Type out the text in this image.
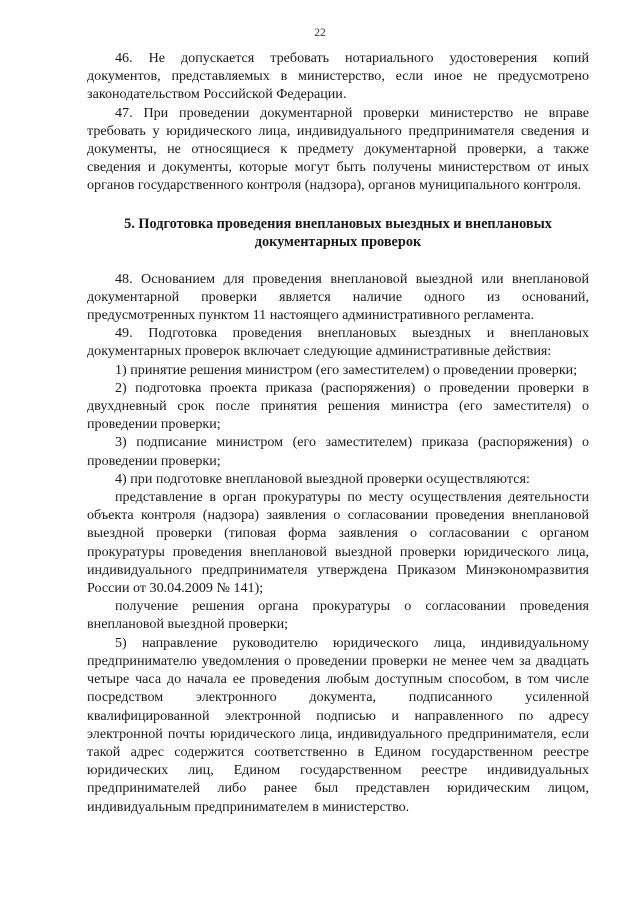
22

46. Не допускается требовать нотариального удостоверения копий документов, представляемых в министерство, если иное не предусмотрено законодательством Российской Федерации.

47. При проведении документарной проверки министерство не вправе требовать у юридического лица, индивидуального предпринимателя сведения и документы, не относящиеся к предмету документарной проверки, а также сведения и документы, которые могут быть получены министерством от иных органов государственного контроля (надзора), органов муниципального контроля.

5. Подготовка проведения внеплановых выездных и внеплановых документарных проверок

48. Основанием для проведения внеплановой выездной или внеплановой документарной проверки является наличие одного из оснований, предусмотренных пунктом 11 настоящего административного регламента.

49. Подготовка проведения внеплановых выездных и внеплановых документарных проверок включает следующие административные действия:

1) принятие решения министром (его заместителем) о проведении проверки;

2) подготовка проекта приказа (распоряжения) о проведении проверки в двухдневный срок после принятия решения министра (его заместителя) о проведении проверки;

3) подписание министром (его заместителем) приказа (распоряжения) о проведении проверки;

4) при подготовке внеплановой выездной проверки осуществляются:

представление в орган прокуратуры по месту осуществления деятельности объекта контроля (надзора) заявления о согласовании проведения внеплановой выездной проверки (типовая форма заявления о согласовании с органом прокуратуры проведения внеплановой выездной проверки юридического лица, индивидуального предпринимателя утверждена Приказом Минэкономразвития России от 30.04.2009 № 141);

получение решения органа прокуратуры о согласовании проведения внеплановой выездной проверки;

5) направление руководителю юридического лица, индивидуальному предпринимателю уведомления о проведении проверки не менее чем за двадцать четыре часа до начала ее проведения любым доступным способом, в том числе посредством электронного документа, подписанного усиленной квалифицированной электронной подписью и направленного по адресу электронной почты юридического лица, индивидуального предпринимателя, если такой адрес содержится соответственно в Едином государственном реестре юридических лиц, Едином государственном реестре индивидуальных предпринимателей либо ранее был представлен юридическим лицом, индивидуальным предпринимателем в министерство.
